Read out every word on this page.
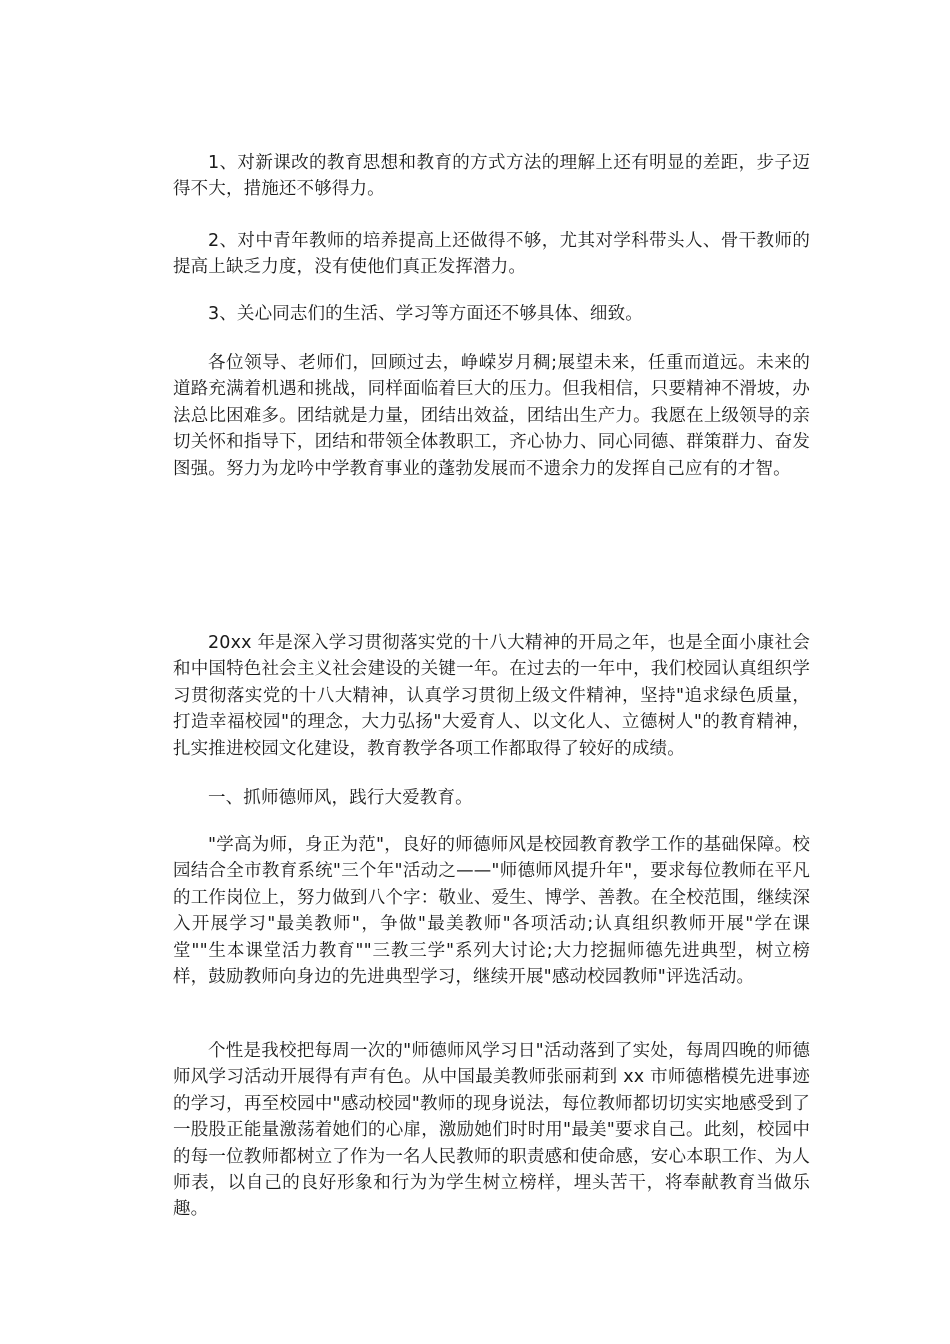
1、对新课改的教育思想和教育的方式方法的理解上还有明显的差距，步子迈得不大，措施还不够得力。

2、对中青年教师的培养提高上还做得不够，尤其对学科带头人、骨干教师的提高上缺乏力度，没有使他们真正发挥潜力。

3、关心同志们的生活、学习等方面还不够具体、细致。

各位领导、老师们，回顾过去，峥嵘岁月稠;展望未来，任重而道远。未来的道路充满着机遇和挑战，同样面临着巨大的压力。但我相信，只要精神不滑坡，办法总比困难多。团结就是力量，团结出效益，团结出生产力。我愿在上级领导的亲切关怀和指导下，团结和带领全体教职工，齐心协力、同心同德、群策群力、奋发图强。努力为龙吟中学教育事业的蓬勃发展而不遗余力的发挥自己应有的才智。

20xx 年是深入学习贯彻落实党的十八大精神的开局之年，也是全面小康社会和中国特色社会主义社会建设的关键一年。在过去的一年中，我们校园认真组织学习贯彻落实党的十八大精神，认真学习贯彻上级文件精神，坚持"追求绿色质量，打造幸福校园"的理念，大力弘扬"大爱育人、以文化人、立德树人"的教育精神，扎实推进校园文化建设，教育教学各项工作都取得了较好的成绩。

一、抓师德师风，践行大爱教育。

"学高为师，身正为范"，良好的师德师风是校园教育教学工作的基础保障。校园结合全市教育系统"三个年"活动之——"师德师风提升年"，要求每位教师在平凡的工作岗位上，努力做到八个字：敬业、爱生、博学、善教。在全校范围，继续深入开展学习"最美教师"，争做"最美教师"各项活动;认真组织教师开展"学在课堂""生本课堂活力教育""三教三学"系列大讨论;大力挖掘师德先进典型，树立榜样，鼓励教师向身边的先进典型学习，继续开展"感动校园教师"评选活动。

个性是我校把每周一次的"师德师风学习日"活动落到了实处，每周四晚的师德师风学习活动开展得有声有色。从中国最美教师张丽莉到 xx 市师德楷模先进事迹的学习，再至校园中"感动校园"教师的现身说法，每位教师都切切实实地感受到了一股股正能量激荡着她们的心扉，激励她们时时用"最美"要求自己。此刻，校园中的每一位教师都树立了作为一名人民教师的职责感和使命感，安心本职工作、为人师表，以自己的良好形象和行为为学生树立榜样，埋头苦干，将奉献教育当做乐趣。
